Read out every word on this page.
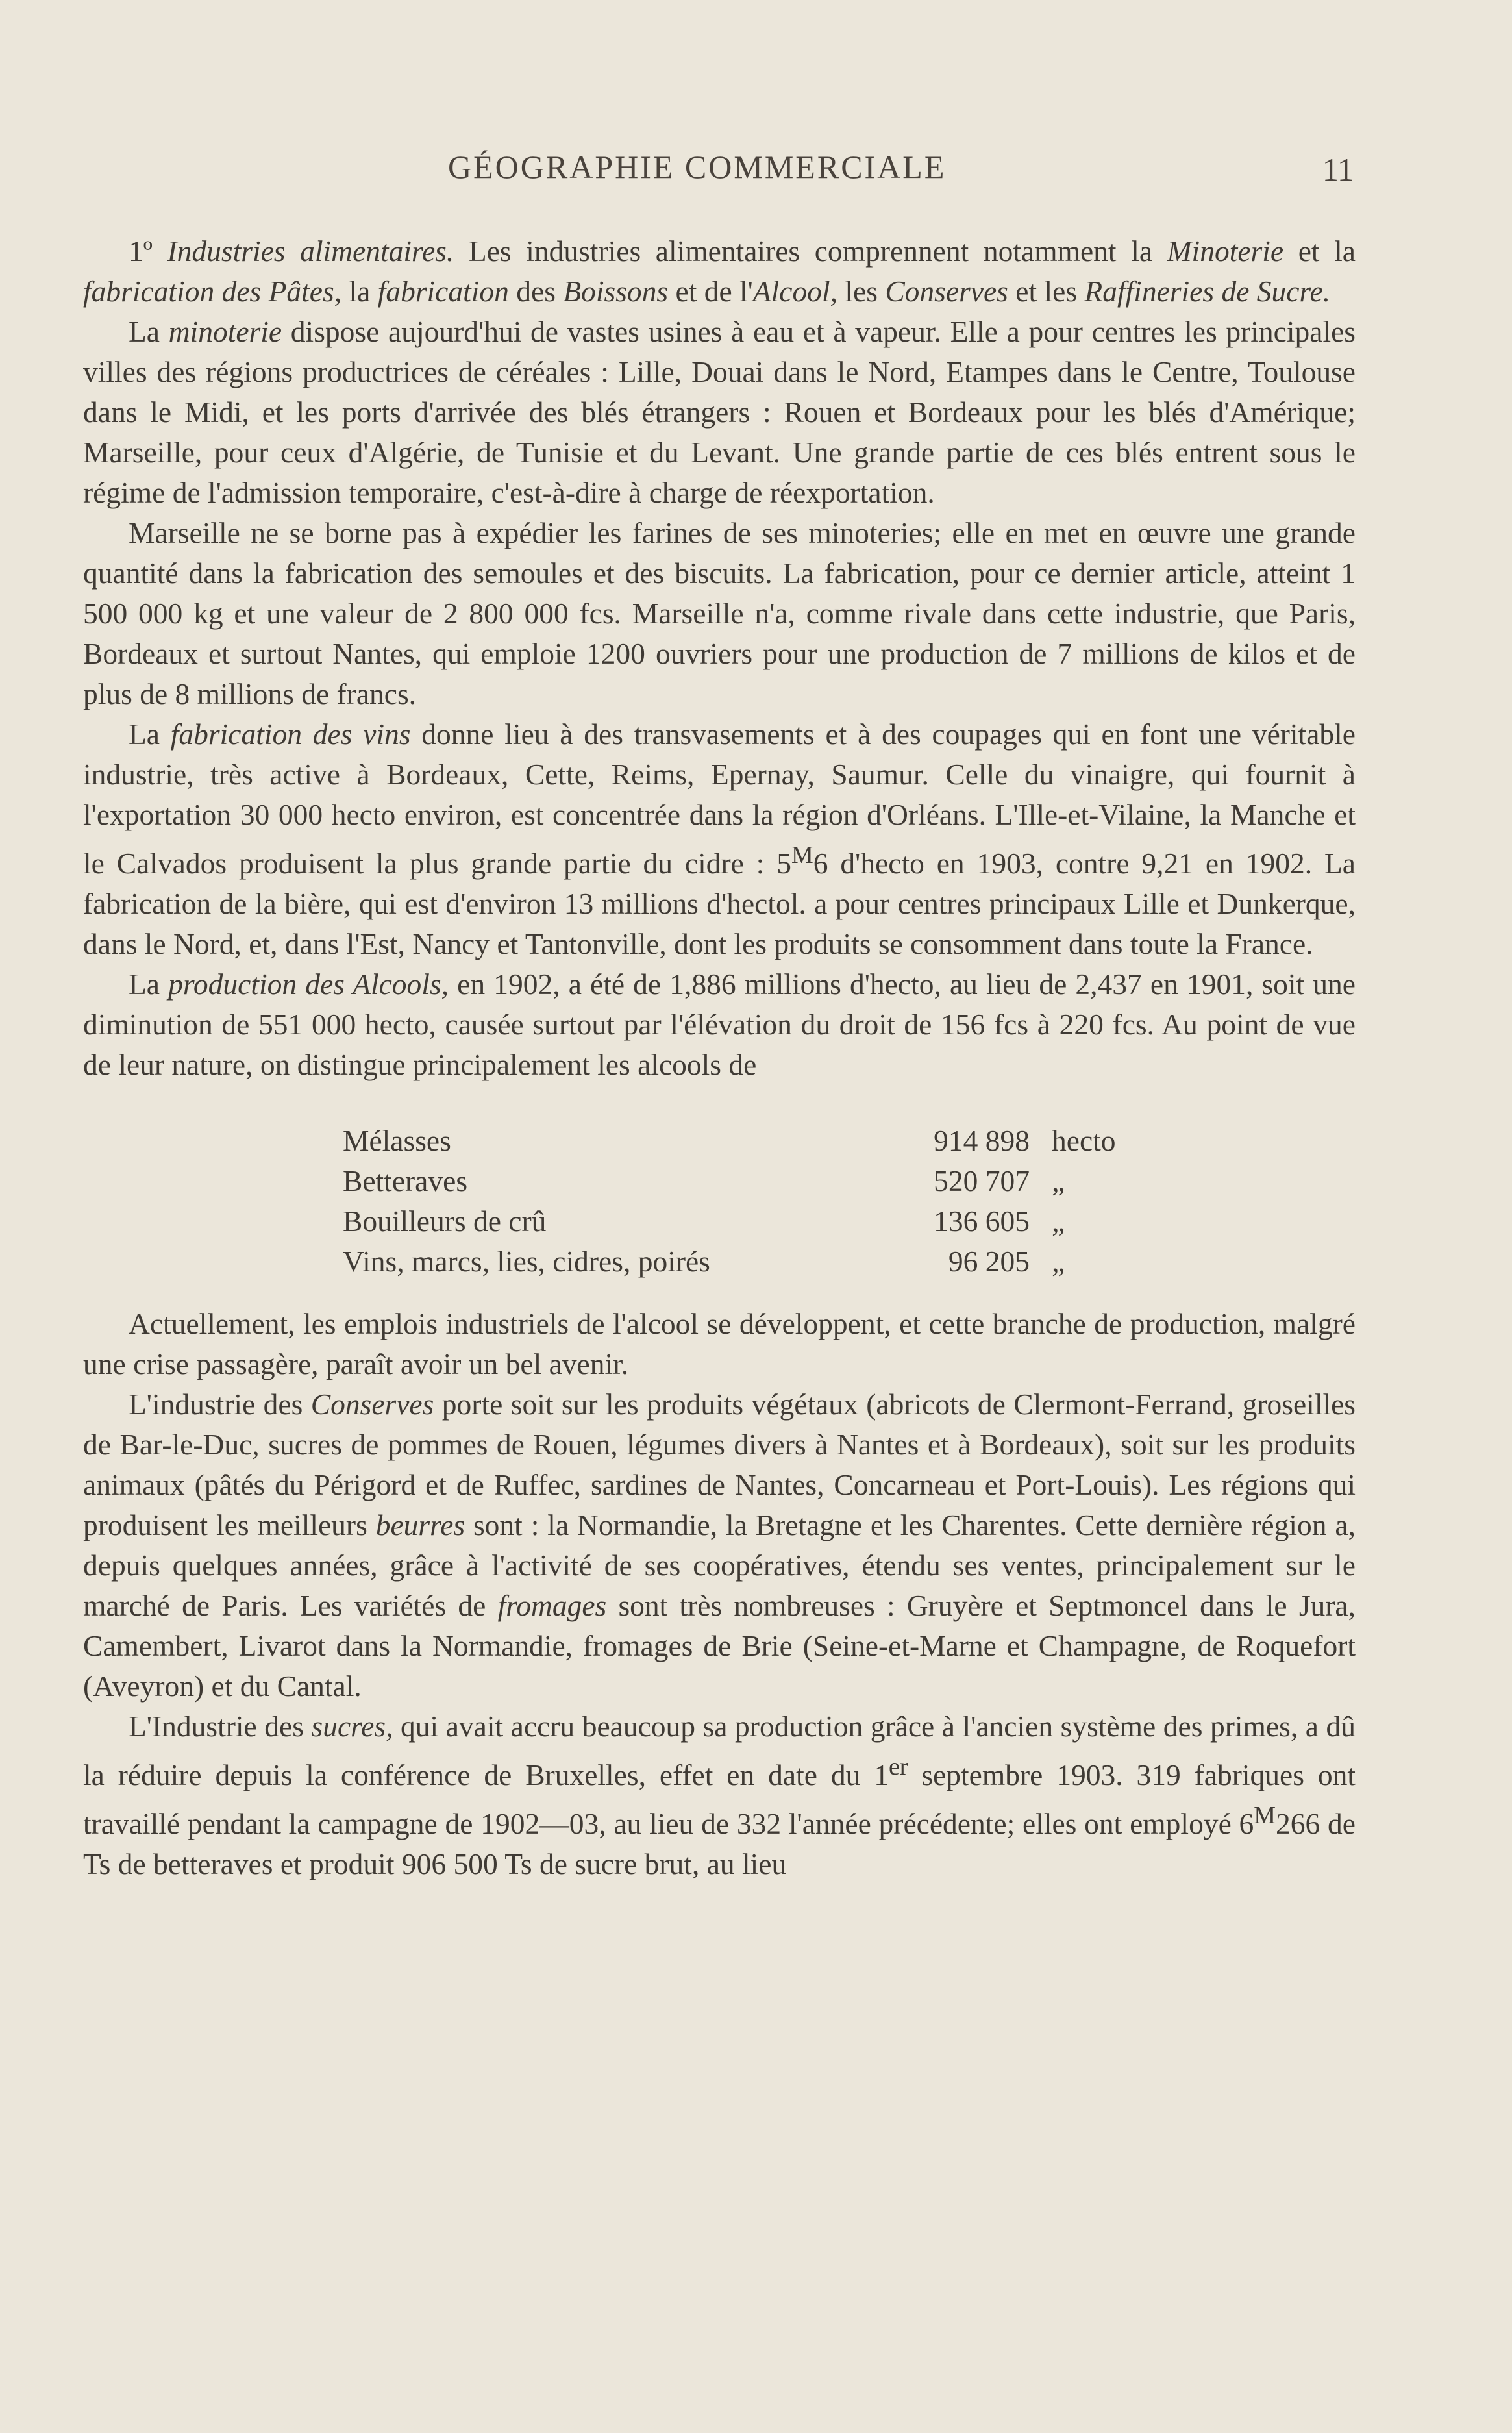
GÉOGRAPHIE COMMERCIALE	11

1º Industries alimentaires. Les industries alimentaires comprennent notamment la Minoterie et la fabrication des Pâtes, la fabrication des Boissons et de l'Alcool, les Conserves et les Raffineries de Sucre.

La minoterie dispose aujourd'hui de vastes usines à eau et à vapeur. Elle a pour centres les principales villes des régions productrices de céréales : Lille, Douai dans le Nord, Etampes dans le Centre, Toulouse dans le Midi, et les ports d'arrivée des blés étrangers : Rouen et Bordeaux pour les blés d'Amérique; Marseille, pour ceux d'Algérie, de Tunisie et du Levant. Une grande partie de ces blés entrent sous le régime de l'admission temporaire, c'est-à-dire à charge de réexportation.

Marseille ne se borne pas à expédier les farines de ses minoteries; elle en met en œuvre une grande quantité dans la fabrication des semoules et des biscuits. La fabrication, pour ce dernier article, atteint 1 500 000 kg et une valeur de 2 800 000 fcs. Marseille n'a, comme rivale dans cette industrie, que Paris, Bordeaux et surtout Nantes, qui emploie 1200 ouvriers pour une production de 7 millions de kilos et de plus de 8 millions de francs.

La fabrication des vins donne lieu à des transvasements et à des coupages qui en font une véritable industrie, très active à Bordeaux, Cette, Reims, Epernay, Saumur. Celle du vinaigre, qui fournit à l'exportation 30 000 hecto environ, est concentrée dans la région d'Orléans. L'Ille-et-Vilaine, la Manche et le Calvados produisent la plus grande partie du cidre : $5^M6$ d'hecto en 1903, contre 9,21 en 1902. La fabrication de la bière, qui est d'environ 13 millions d'hectol. a pour centres principaux Lille et Dunkerque, dans le Nord, et, dans l'Est, Nancy et Tantonville, dont les produits se consomment dans toute la France.

La production des Alcools, en 1902, a été de 1,886 millions d'hecto, au lieu de 2,437 en 1901, soit une diminution de 551 000 hecto, causée surtout par l'élévation du droit de 156 fcs à 220 fcs. Au point de vue de leur nature, on distingue principalement les alcools de

Mélasses	914 898 hecto
Betteraves	520 707 „
Bouilleurs de crû	136 605 „
Vins, marcs, lies, cidres, poirés	96 205 „

Actuellement, les emplois industriels de l'alcool se développent, et cette branche de production, malgré une crise passagère, paraît avoir un bel avenir.

L'industrie des Conserves porte soit sur les produits végétaux (abricots de Clermont-Ferrand, groseilles de Bar-le-Duc, sucres de pommes de Rouen, légumes divers à Nantes et à Bordeaux), soit sur les produits animaux (pâtés du Périgord et de Ruffec, sardines de Nantes, Concarneau et Port-Louis). Les régions qui produisent les meilleurs beurres sont : la Normandie, la Bretagne et les Charentes. Cette dernière région a, depuis quelques années, grâce à l'activité de ses coopératives, étendu ses ventes, principalement sur le marché de Paris. Les variétés de fromages sont très nombreuses : Gruyère et Septmoncel dans le Jura, Camembert, Livarot dans la Normandie, fromages de Brie (Seine-et-Marne et Champagne, de Roquefort (Aveyron) et du Cantal.

L'Industrie des sucres, qui avait accru beaucoup sa production grâce à l'ancien système des primes, a dû la réduire depuis la conférence de Bruxelles, effet en date du 1er septembre 1903. 319 fabriques ont travaillé pendant la campagne de 1902—03, au lieu de 332 l'année précédente; elles ont employé $6^M266$ de Ts de betteraves et produit 906 500 Ts de sucre brut, au lieu
